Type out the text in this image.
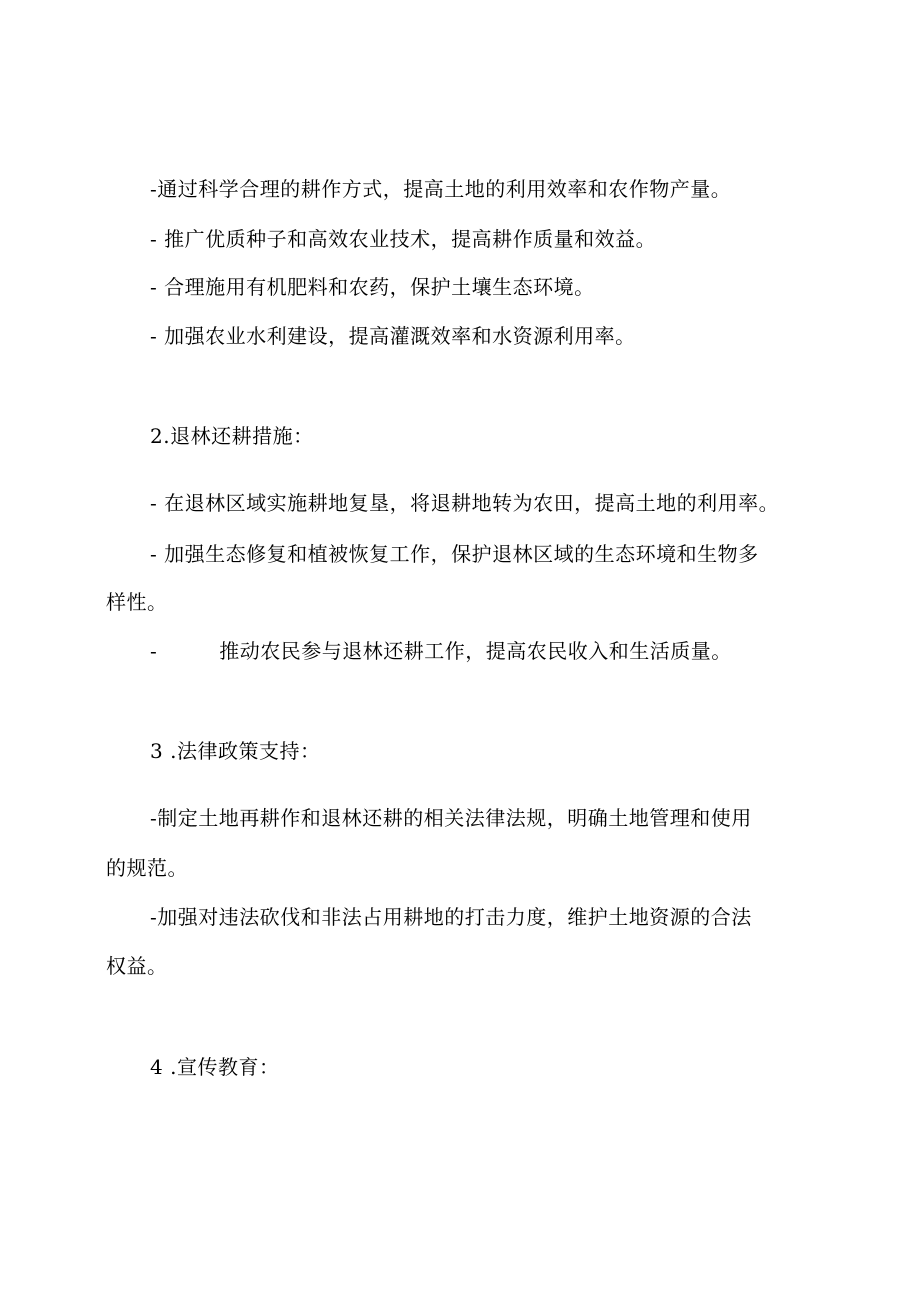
-通过科学合理的耕作方式，提高土地的利用效率和农作物产量。
- 推广优质种子和高效农业技术，提高耕作质量和效益。
- 合理施用有机肥料和农药，保护土壤生态环境。
- 加强农业水利建设，提高灌溉效率和水资源利用率。
2.退林还耕措施：
- 在退林区域实施耕地复垦，将退耕地转为农田，提高土地的利用率。
- 加强生态修复和植被恢复工作，保护退林区域的生态环境和生物多
样性。
-	推动农民参与退林还耕工作，提高农民收入和生活质量。
3 .法律政策支持：
-制定土地再耕作和退林还耕的相关法律法规，明确土地管理和使用
的规范。
-加强对违法砍伐和非法占用耕地的打击力度，维护土地资源的合法
权益。
4 .宣传教育：
